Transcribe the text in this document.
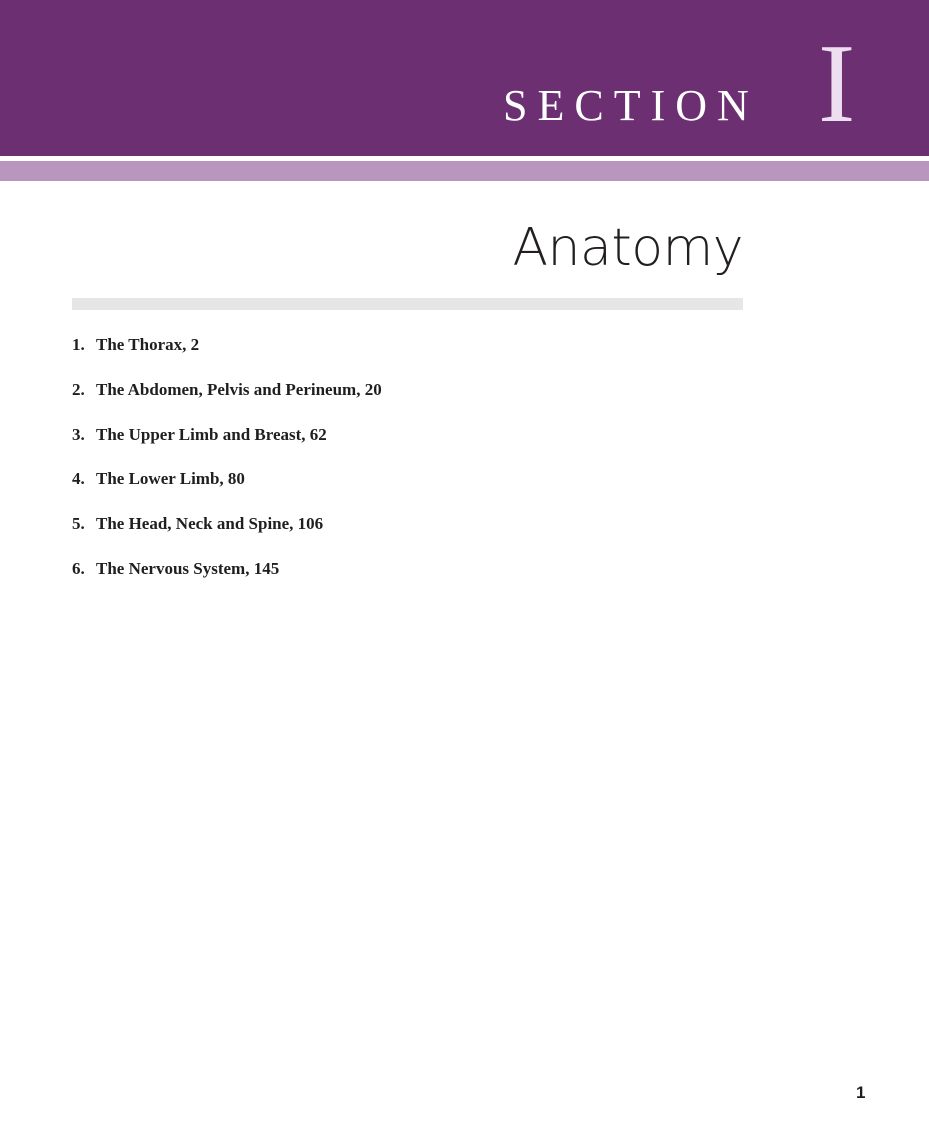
SECTION I
Anatomy
1. The Thorax, 2
2. The Abdomen, Pelvis and Perineum, 20
3. The Upper Limb and Breast, 62
4. The Lower Limb, 80
5. The Head, Neck and Spine, 106
6. The Nervous System, 145
1
